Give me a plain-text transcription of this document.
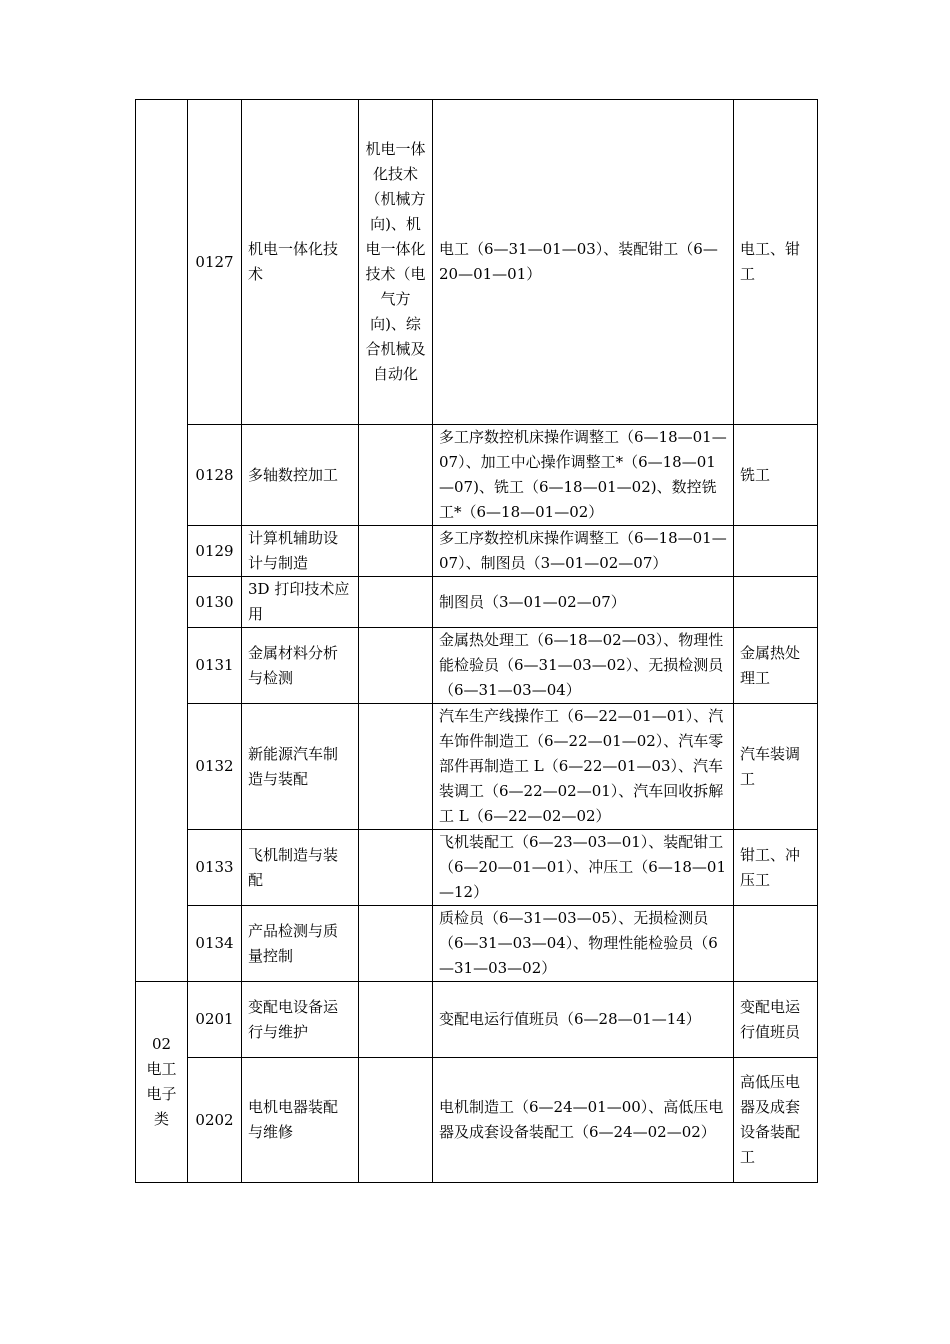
	0127	机电一体化技术	机电一体化技术（机械方向)、机电一体化技术（电气方向)、综合机械及自动化	电工（6—31—01—03）、装配钳工（6—20—01—01）	电工、钳工
	0128	多轴数控加工		多工序数控机床操作调整工（6—18—01—07）、加工中心操作调整工*（6—18—01—07)、铣工（6—18—01—02)、数控铣工*（6—18—01—02）	铣工
	0129	计算机辅助设计与制造		多工序数控机床操作调整工（6—18—01—07）、制图员（3—01—02—07）	
	0130	3D 打印技术应用		制图员（3—01—02—07）	
	0131	金属材料分析与检测		金属热处理工（6—18—02—03）、物理性能检验员（6—31—03—02）、无损检测员（6—31—03—04）	金属热处理工
	0132	新能源汽车制造与装配		汽车生产线操作工（6—22—01—01）、汽车饰件制造工（6—22—01—02）、汽车零部件再制造工 L（6—22—01—03）、汽车装调工（6—22—02—01）、汽车回收拆解工 L（6—22—02—02）	汽车装调工
	0133	飞机制造与装配		飞机装配工（6—23—03—01）、装配钳工（6—20—01—01）、冲压工（6—18—01—12）	钳工、冲压工
	0134	产品检测与质量控制		质检员（6—31—03—05）、无损检测员（6—31—03—04）、物理性能检验员（6—31—03—02）	

02
电工电子类	0201	变配电设备运行与维护		变配电运行值班员（6—28—01—14）	变配电运行值班员
	0202	电机电器装配与维修		电机制造工（6—24—01—00）、高低压电器及成套设备装配工（6—24—02—02）	高低压电器及成套设备装配工
